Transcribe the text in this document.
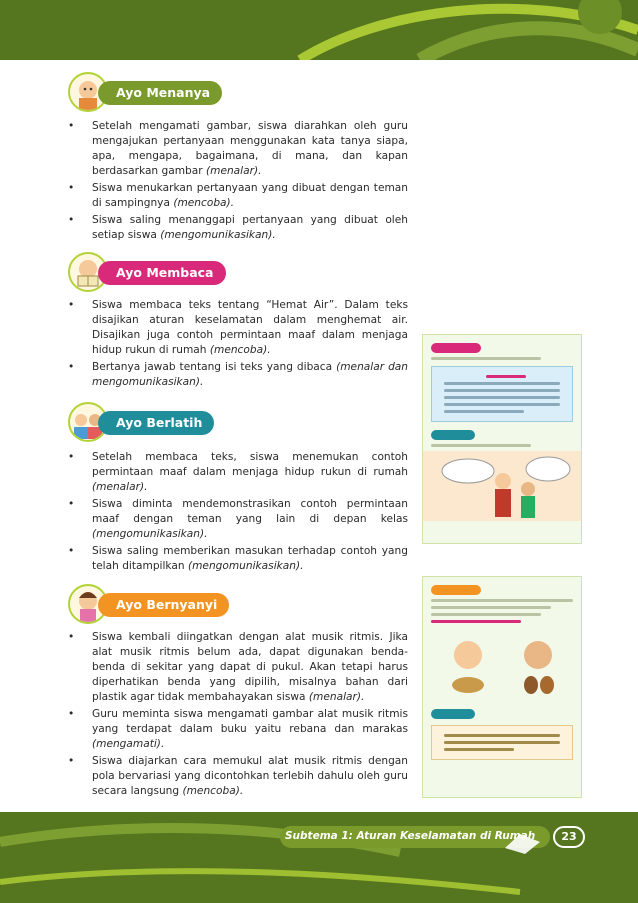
Ayo Menanya
• Setelah mengamati gambar, siswa diarahkan oleh guru mengajukan pertanyaan menggunakan kata tanya siapa, apa, mengapa, bagaimana, di mana, dan kapan berdasarkan gambar (menalar).
• Siswa menukarkan pertanyaan yang dibuat dengan teman di sampingnya (mencoba).
• Siswa saling menanggapi pertanyaan yang dibuat oleh setiap siswa (mengomunikasikan).
Ayo Membaca
• Siswa membaca teks tentang “Hemat Air”. Dalam teks disajikan aturan keselamatan dalam menghemat air. Disajikan juga contoh permintaan maaf dalam menjaga hidup rukun di rumah (mencoba).
• Bertanya jawab tentang isi teks yang dibaca (menalar dan mengomunikasikan).
Ayo Berlatih
• Setelah membaca teks, siswa menemukan contoh permintaan maaf dalam menjaga hidup rukun di rumah (menalar).
• Siswa diminta mendemonstrasikan contoh permintaan maaf dengan teman yang lain di depan kelas (mengomunikasikan).
• Siswa saling memberikan masukan terhadap contoh yang telah ditampilkan (mengomunikasikan).
Ayo Bernyanyi
• Siswa kembali diingatkan dengan alat musik ritmis. Jika alat musik ritmis belum ada, dapat digunakan benda-benda di sekitar yang dapat di pukul. Akan tetapi harus diperhatikan benda yang dipilih, misalnya bahan dari plastik agar tidak membahayakan siswa (menalar).
• Guru meminta siswa mengamati gambar alat musik ritmis yang terdapat dalam buku yaitu rebana dan marakas (mengamati).
• Siswa diajarkan cara memukul alat musik ritmis dengan pola bervariasi yang dicontohkan terlebih dahulu oleh guru secara langsung (mencoba).
Subtema 1: Aturan Keselamatan di Rumah	23
